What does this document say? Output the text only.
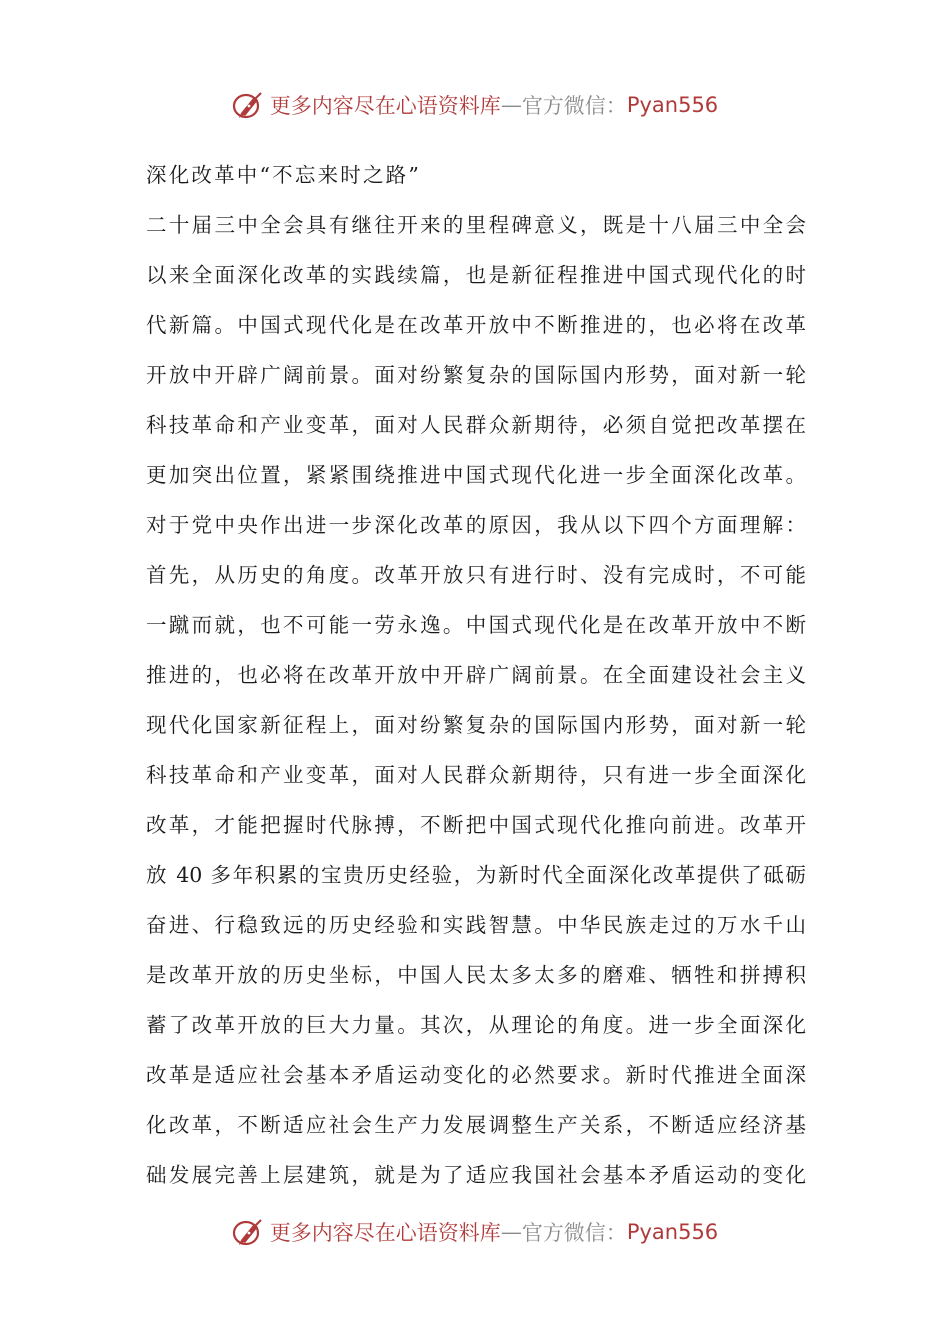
更多内容尽在心语资料库 — 官方微信： Pyan556
深化改革中“不忘来时之路”
二十届三中全会具有继往开来的里程碑意义，既是十八届三中全会
以来全面深化改革的实践续篇，也是新征程推进中国式现代化的时
代新篇。中国式现代化是在改革开放中不断推进的，也必将在改革
开放中开辟广阔前景。面对纷繁复杂的国际国内形势，面对新一轮
科技革命和产业变革，面对人民群众新期待，必须自觉把改革摆在
更加突出位置，紧紧围绕推进中国式现代化进一步全面深化改革。
对于党中央作出进一步深化改革的原因，我从以下四个方面理解：
首先，从历史的角度。改革开放只有进行时、没有完成时，不可能
一蹴而就，也不可能一劳永逸。中国式现代化是在改革开放中不断
推进的，也必将在改革开放中开辟广阔前景。在全面建设社会主义
现代化国家新征程上，面对纷繁复杂的国际国内形势，面对新一轮
科技革命和产业变革，面对人民群众新期待，只有进一步全面深化
改革，才能把握时代脉搏，不断把中国式现代化推向前进。改革开
放 40 多年积累的宝贵历史经验，为新时代全面深化改革提供了砥砺
奋进、行稳致远的历史经验和实践智慧。中华民族走过的万水千山
是改革开放的历史坐标，中国人民太多太多的磨难、牺牲和拼搏积
蓄了改革开放的巨大力量。其次，从理论的角度。进一步全面深化
改革是适应社会基本矛盾运动变化的必然要求。新时代推进全面深
化改革，不断适应社会生产力发展调整生产关系，不断适应经济基
础发展完善上层建筑，就是为了适应我国社会基本矛盾运动的变化
更多内容尽在心语资料库 — 官方微信： Pyan556
